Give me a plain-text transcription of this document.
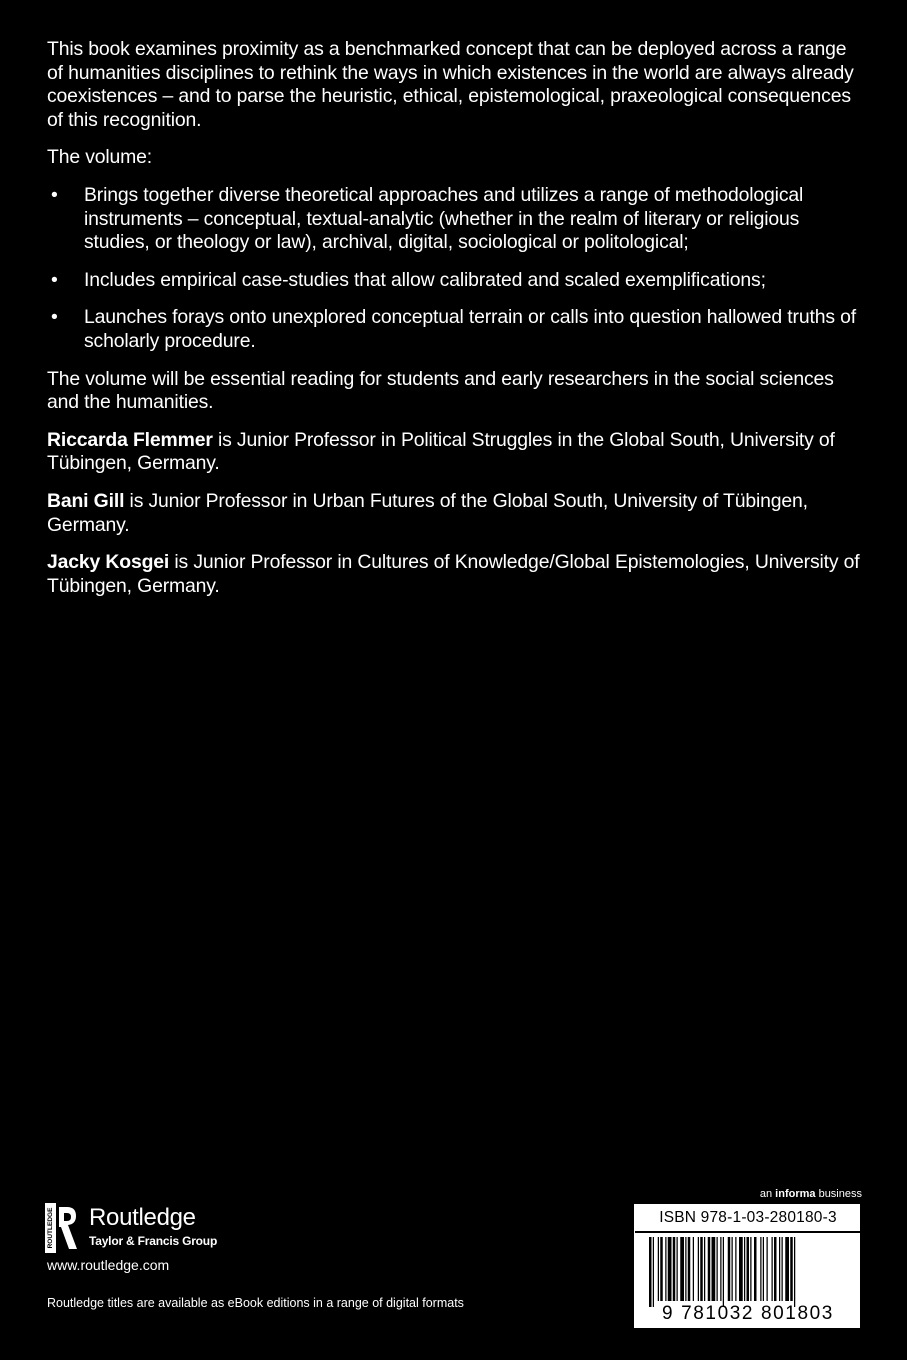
This book examines proximity as a benchmarked concept that can be deployed across a range of humanities disciplines to rethink the ways in which existences in the world are always already coexistences – and to parse the heuristic, ethical, epistemological, praxeological consequences of this recognition.

The volume:

• Brings together diverse theoretical approaches and utilizes a range of methodological instruments – conceptual, textual-analytic (whether in the realm of literary or religious studies, or theology or law), archival, digital, sociological or politological;
• Includes empirical case-studies that allow calibrated and scaled exemplifications;
• Launches forays onto unexplored conceptual terrain or calls into question hallowed truths of scholarly procedure.

The volume will be essential reading for students and early researchers in the social sciences and the humanities.

Riccarda Flemmer is Junior Professor in Political Struggles in the Global South, University of Tübingen, Germany.

Bani Gill is Junior Professor in Urban Futures of the Global South, University of Tübingen, Germany.

Jacky Kosgei is Junior Professor in Cultures of Knowledge/Global Epistemologies, University of Tübingen, Germany.

ROUTLEDGE Routledge
Taylor & Francis Group
www.routledge.com
Routledge titles are available as eBook editions in a range of digital formats
an informa business
ISBN 978-1-03-280180-3
9 781032 801803
